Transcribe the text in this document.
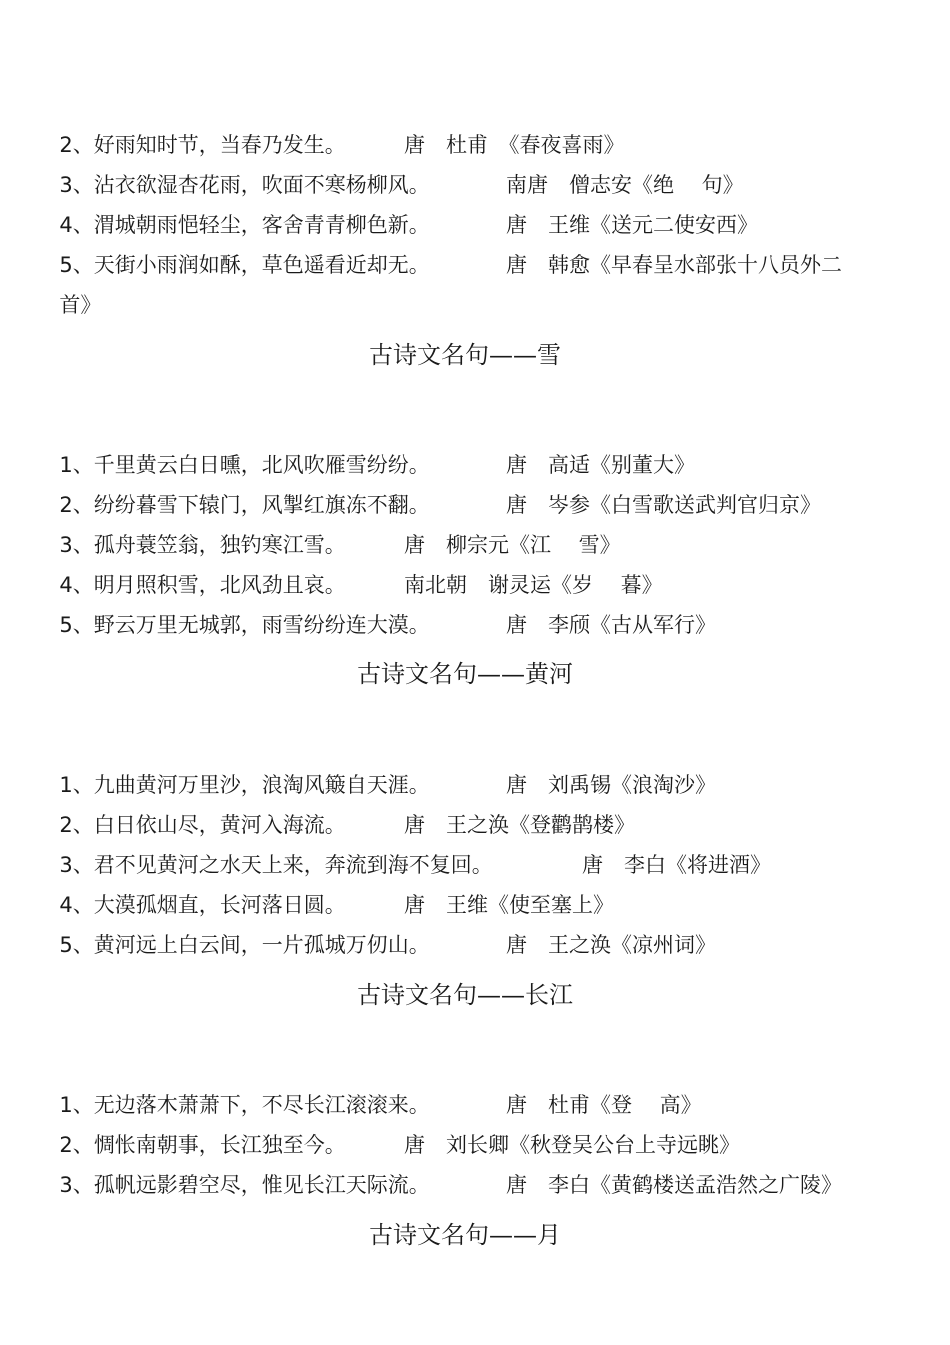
2、好雨知时节，当春乃发生。	唐　杜甫　《春夜喜雨》

3、沾衣欲湿杏花雨，吹面不寒杨柳风。	南唐　僧志安《绝　 句》

4、渭城朝雨悒轻尘，客舍青青柳色新。	唐　王维《送元二使安西》

5、天街小雨润如酥，草色遥看近却无。	唐　韩愈《早春呈水部张十八员外二

首》

古诗文名句——雪

1、千里黄云白日曛，北风吹雁雪纷纷。	唐　高适《别董大》

2、纷纷暮雪下辕门，风掣红旗冻不翻。	唐　岑参《白雪歌送武判官归京》

3、孤舟蓑笠翁，独钓寒江雪。	唐　柳宗元《江　 雪》

4、明月照积雪，北风劲且哀。	南北朝　谢灵运《岁　 暮》

5、野云万里无城郭，雨雪纷纷连大漠。	唐　李颀《古从军行》

古诗文名句——黄河

1、九曲黄河万里沙，浪淘风簸自天涯。	唐　刘禹锡《浪淘沙》

2、白日依山尽，黄河入海流。	唐　王之涣《登鹳鹊楼》

3、君不见黄河之水天上来，奔流到海不复回。	唐　李白《将进酒》

4、大漠孤烟直，长河落日圆。	唐　王维《使至塞上》

5、黄河远上白云间，一片孤城万仞山。	唐　王之涣《凉州词》

古诗文名句——长江

1、无边落木萧萧下，不尽长江滚滚来。	唐　杜甫《登　 高》

2、惆怅南朝事，长江独至今。	唐　刘长卿《秋登吴公台上寺远眺》

3、孤帆远影碧空尽，惟见长江天际流。	唐　李白《黄鹤楼送孟浩然之广陵》

古诗文名句——月
